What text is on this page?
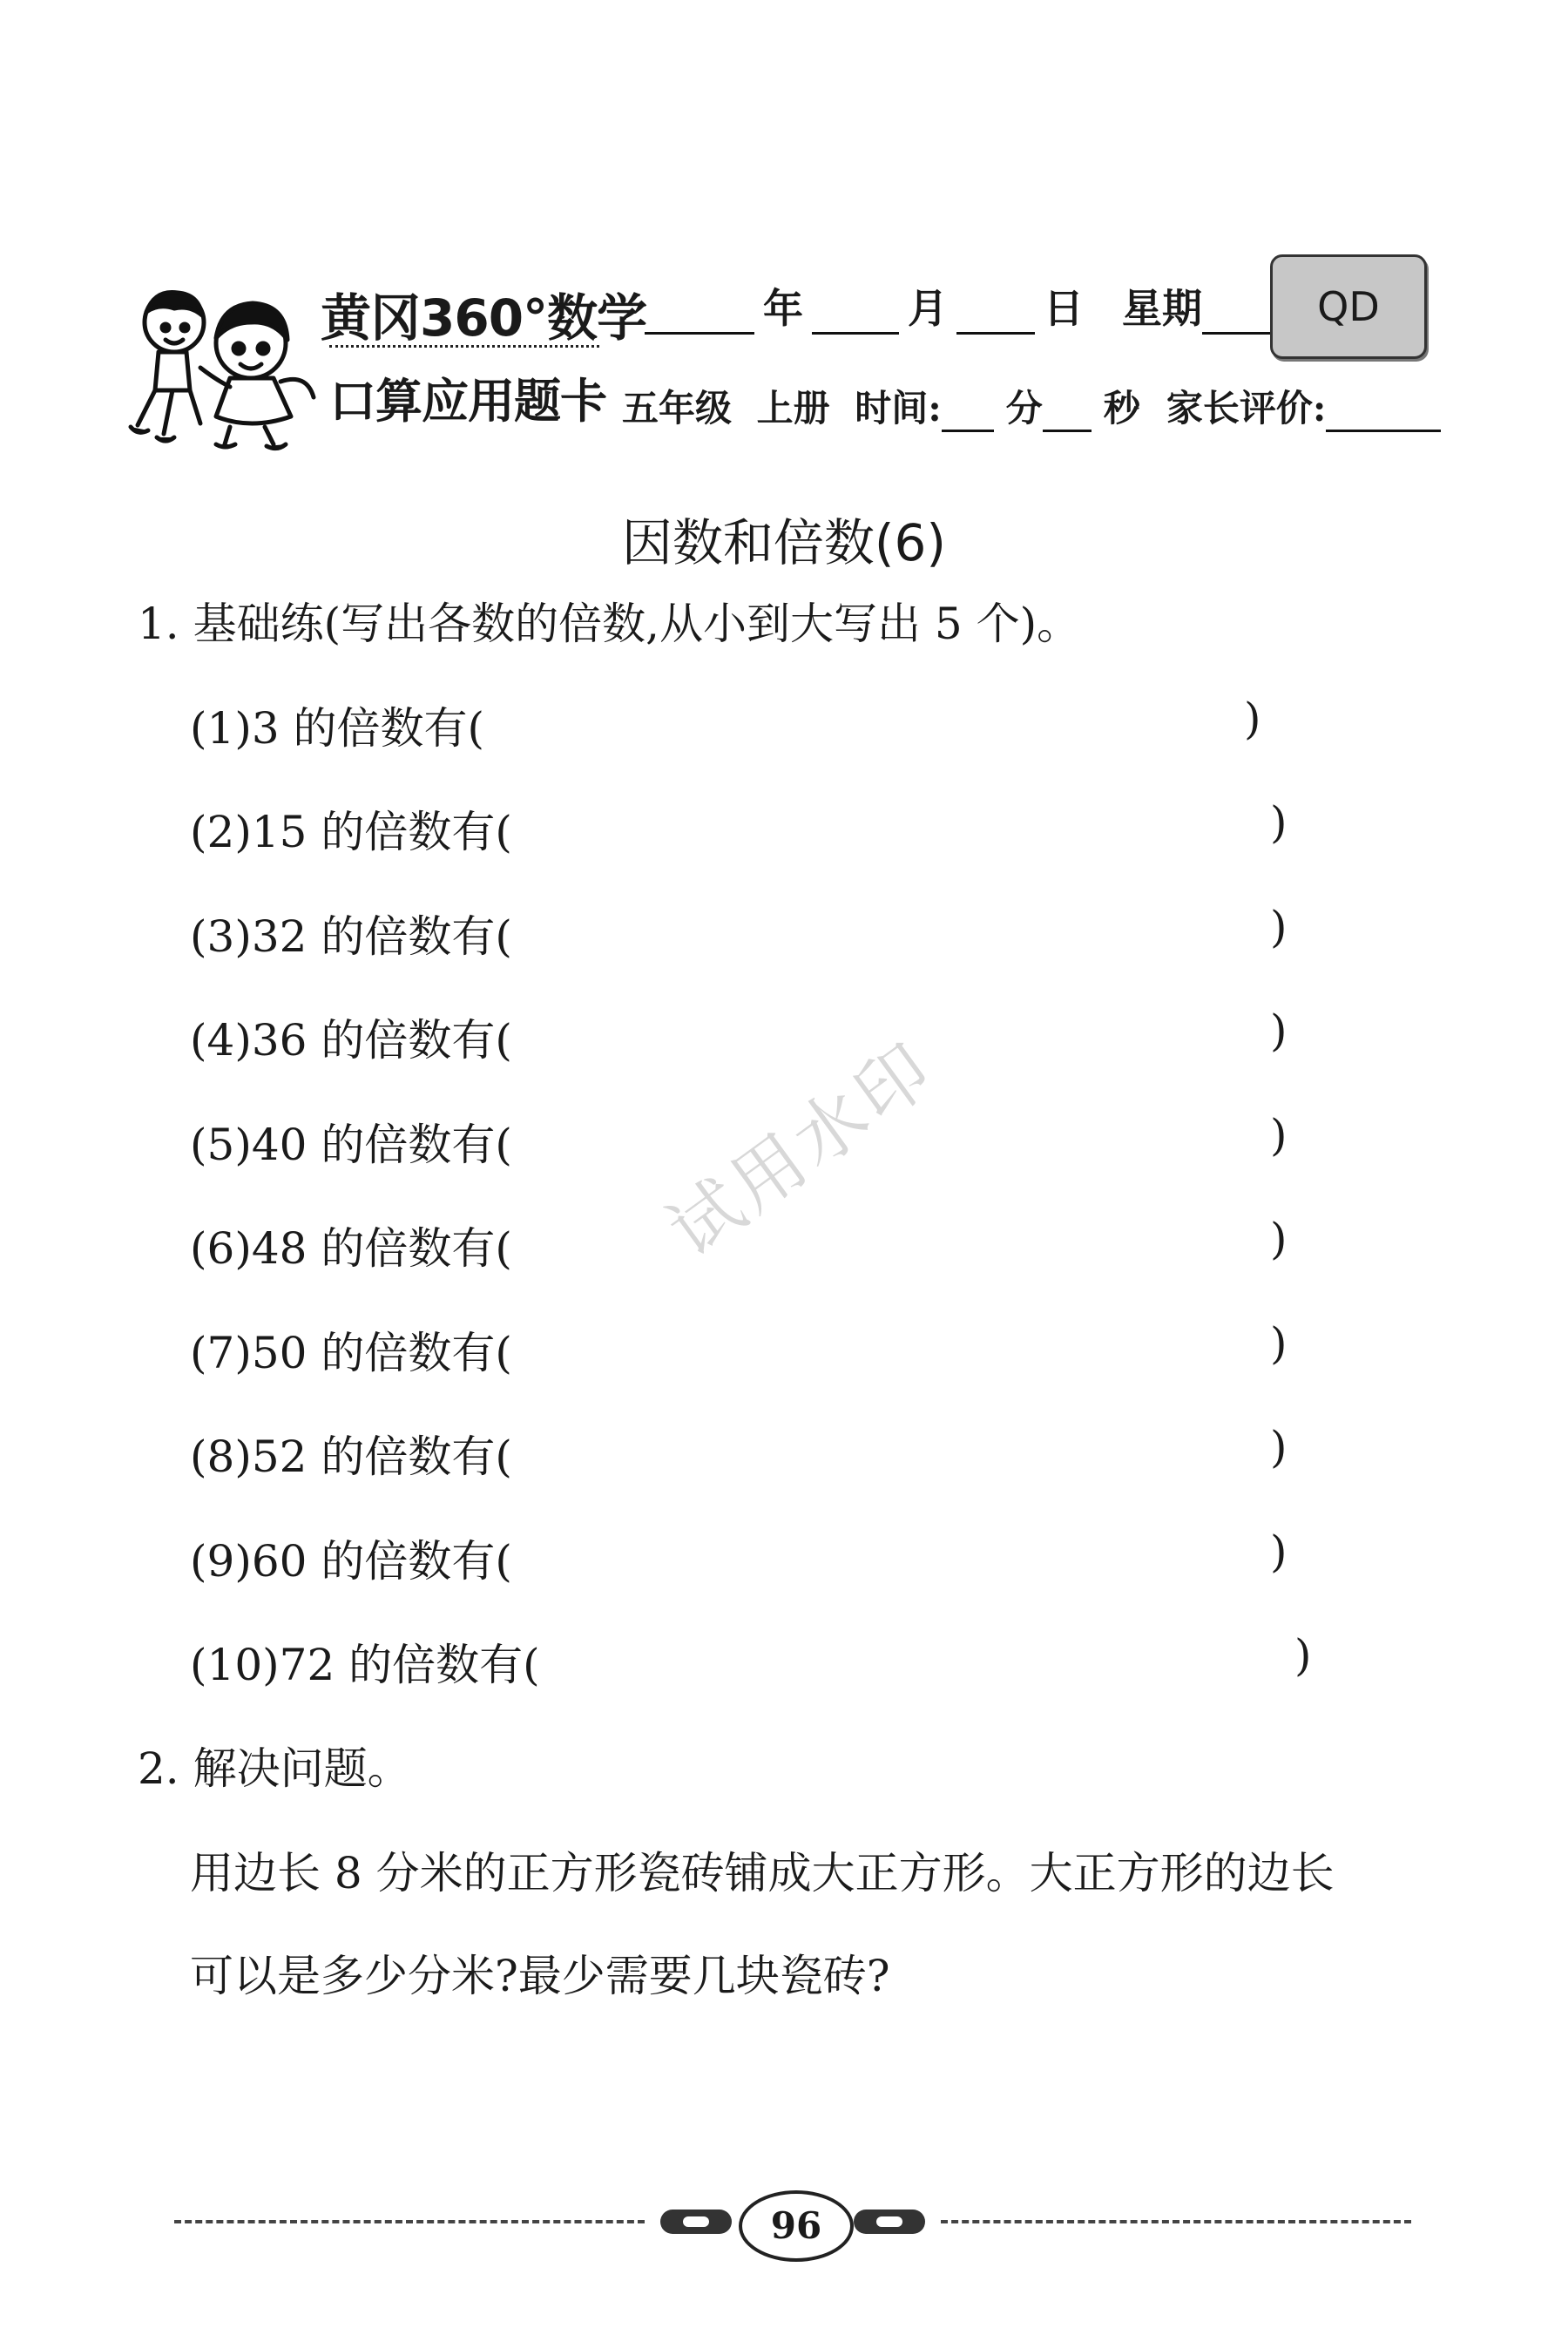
黄冈360°数学
口算应用题卡
年	月 日 星期	QD
五年级 上册 时间: 分 秒 家长评价:
因数和倍数(6)
1. 基础练(写出各数的倍数,从小到大写出 5 个)。
(1)3 的倍数有(	)
(2)15 的倍数有(	)
(3)32 的倍数有(	)
(4)36 的倍数有(	)
(5)40 的倍数有(	)
(6)48 的倍数有(	)
(7)50 的倍数有(	)
(8)52 的倍数有(	)
(9)60 的倍数有(	)
(10)72 的倍数有(	)
2. 解决问题。
用边长 8 分米的正方形瓷砖铺成大正方形。大正方形的边长
可以是多少分米?最少需要几块瓷砖?
试用水印
96
